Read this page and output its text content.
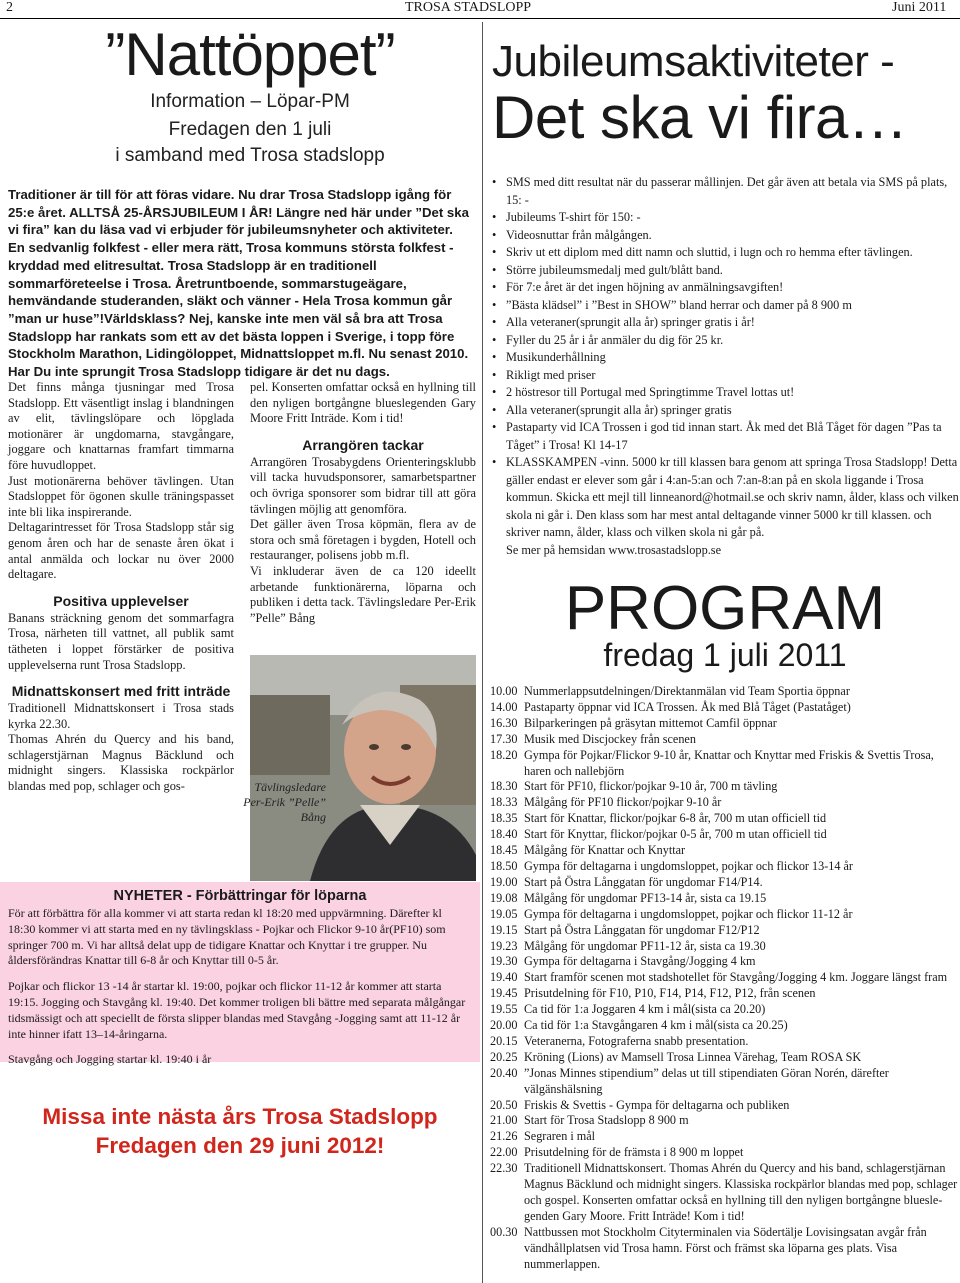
2	TROSA STADSLOPP	Juni 2011
”Nattöppet”
Information – Löpar-PM
Fredagen den 1 juli
i samband med Trosa stadslopp

Traditioner är till för att föras vidare. Nu drar Trosa Stadslopp igång för 25:e året. ALLTSÅ 25-ÅRSJUBILEUM I ÅR! Längre ned här under ”Det ska vi fira” kan du läsa vad vi erbjuder för jubileumsnyheter och aktiviteter.

En sedvanlig folkfest - eller mera rätt, Trosa kommuns största folkfest - kryddad med elitresultat. Trosa Stadslopp är en traditionell sommarföreteelse i Trosa. Åretruntboende, sommarstugeägare, hemvändande studeranden, släkt och vänner - Hela Trosa kommun går ”man ur huse”!Världsklass? Nej, kanske inte men väl så bra att Trosa Stadslopp har rankats som ett av det bästa loppen i Sverige, i topp före Stockholm Marathon, Lidingöloppet, Midnattsloppet m.fl. Nu senast 2010. Har Du inte sprungit Trosa Stadslopp tidigare är det nu dags.

Det finns många tjusningar med Trosa Stadslopp. Ett väsentligt inslag i blandningen av elit, tävlingslöpare och löpglada motionärer är ungdomarna, stavgångare, joggare och knattarnas framfart timmarna före huvudloppet.

Just motionärerna behöver tävlingen. Utan Stadsloppet för ögonen skulle träningspasset inte bli lika inspirerande.

Deltagarintresset för Trosa Stadslopp står sig genom åren och har de senaste åren ökat i antal anmälda och lockar nu över 2000 deltagare.

Positiva upplevelser

Banans sträckning genom det sommarfagra Trosa, närheten till vattnet, all publik samt tätheten i loppet förstärker de positiva upplevelserna runt Trosa Stadslopp.

Midnattskonsert med fritt inträde

Traditionell Midnattskonsert i Trosa stads kyrka 22.30.

Thomas Ahrén du Quercy and his band, schlagerstjärnan Magnus Bäcklund och midnight singers. Klassiska rockpärlor blandas med pop, schlager och gos-

pel. Konserten omfattar också en hyllning till den nyligen bortgångne blueslegenden Gary Moore Fritt Inträde. Kom i tid!

Arrangören tackar

Arrangören Trosabygdens Orienteringsklubb vill tacka huvudsponsorer, samarbetspartner och övriga sponsorer som bidrar till att göra tävlingen möjlig att genomföra.

Det gäller även Trosa köpmän, flera av de stora och små företagen i bygden, Hotell och restauranger, polisens jobb m.fl.

Vi inkluderar även de ca 120 ideellt arbetande funktionärerna, löparna och publiken i detta tack. Tävlingsledare Per-Erik ”Pelle” Bång

Tävlingsledare Per-Erik ”Pelle” Bång
NYHETER - Förbättringar för löparna

För att förbättra för alla kommer vi att starta redan kl 18:20 med uppvärmning. Därefter kl 18:30 kommer vi att starta med en ny tävlingsklass - Pojkar och Flickor 9-10 år(PF10) som springer 700 m. Vi har alltså delat upp de tidigare Knattar och Knyttar i tre grupper. Nu åldersförändras Knattar till 6-8 år och Knyttar till 0-5 år.

Pojkar och flickor 13 -14 år startar kl. 19:00, pojkar och flickor 11-12 år kommer att starta 19:15. Jogging och Stavgång kl. 19:40. Det kommer troligen bli bättre med separata målgångar tidsmässigt och att speciellt de första slipper blandas med Stavgång -Jogging samt att 11-12 år inte hinner ifatt 13–14-åringarna.

Stavgång och Jogging startar kl. 19:40 i år

Missa inte nästa års Trosa Stadslopp
Fredagen den 29 juni 2012!
Jubileumsaktiviteter -
Det ska vi fira…
• SMS med ditt resultat när du passerar mållinjen. Det går även att betala via SMS på plats, 15: -
• Jubileums T-shirt för 150: -
• Videosnuttar från målgången.
• Skriv ut ett diplom med ditt namn och sluttid, i lugn och ro hemma efter tävlingen.
• Större jubileumsmedalj med gult/blått band.
• För 7:e året är det ingen höjning av anmälningsavgiften!
• ”Bästa klädsel” i ”Best in SHOW” bland herrar och damer på 8 900 m
• Alla veteraner(sprungit alla år) springer gratis i år!
• Fyller du 25 år i år anmäler du dig för 25 kr.
• Musikunderhållning
• Rikligt med priser
• 2 höstresor till Portugal med Springtimme Travel lottas ut!
• Alla veteraner(sprungit alla år) springer gratis
• Pastaparty vid ICA Trossen i god tid innan start. Åk med det Blå Tåget för dagen ”Pas ta Tåget” i Trosa! Kl 14-17
• KLASSKAMPEN -vinn. 5000 kr till klassen bara genom att springa Trosa Stadslopp! Detta gäller endast er elever som går i 4:an-5:an och 7:an-8:an på en skola liggande i Trosa kommun. Skicka ett mejl till linneanord@hotmail.se och skriv namn, ålder, klass och vilken skola ni går i. Den klass som har mest antal deltagande vinner 5000 kr till klassen. och skriver namn, ålder, klass och vilken skola ni går på.
Se mer på hemsidan www.trosastadslopp.se
PROGRAM
fredag 1 juli 2011
10.00 Nummerlappsutdelningen/Direktanmälan vid Team Sportia öppnar
14.00 Pastaparty öppnar vid ICA Trossen. Åk med Blå Tåget (Pastatåget)
16.30 Bilparkeringen på gräsytan mittemot Camfil öppnar
17.30 Musik med Discjockey från scenen
18.20 Gympa för Pojkar/Flickor 9-10 år, Knattar och Knyttar med Friskis & Svettis Trosa, haren och nallebjörn
18.30 Start för PF10, flickor/pojkar 9-10 år, 700 m tävling
18.33 Målgång för PF10 flickor/pojkar 9-10 år
18.35 Start för Knattar, flickor/pojkar 6-8 år, 700 m utan officiell tid
18.40 Start för Knyttar, flickor/pojkar 0-5 år, 700 m utan officiell tid
18.45 Målgång för Knattar och Knyttar
18.50 Gympa för deltagarna i ungdomsloppet, pojkar och flickor 13-14 år
19.00 Start på Östra Långgatan för ungdomar F14/P14.
19.08 Målgång för ungdomar PF13-14 år, sista ca 19.15
19.05 Gympa för deltagarna i ungdomsloppet, pojkar och flickor 11-12 år
19.15 Start på Östra Långgatan för ungdomar F12/P12
19.23 Målgång för ungdomar PF11-12 år, sista ca 19.30
19.30 Gympa för deltagarna i Stavgång/Jogging 4 km
19.40 Start framför scenen mot stadshotellet för Stavgång/Jogging 4 km. Joggare längst fram
19.45 Prisutdelning för F10, P10, F14, P14, F12, P12, från scenen
19.55 Ca tid för 1:a Joggaren 4 km i mål(sista ca 20.20)
20.00 Ca tid för 1:a Stavgångaren 4 km i mål(sista ca 20.25)
20.15 Veteranerna, Fotograferna snabb presentation.
20.25 Kröning (Lions) av Mamsell Trosa Linnea Värehag, Team ROSA SK
20.40 ”Jonas Minnes stipendium” delas ut till stipendiaten Göran Norén, därefter välgänshälsning
20.50 Friskis & Svettis - Gympa för deltagarna och publiken
21.00 Start för Trosa Stadslopp 8 900 m
21.26 Segraren i mål
22.00 Prisutdelning för de främsta i 8 900 m loppet
22.30 Traditionell Midnattskonsert. Thomas Ahrén du Quercy and his band, schlagerstjärnan Magnus Bäcklund och midnight singers. Klassiska rockpärlor blandas med pop, schlager och gospel. Konserten omfattar också en hyllning till den nyligen bortgångne blueslegenden Gary Moore. Fritt Inträde! Kom i tid!
00.30 Nattbussen mot Stockholm Cityterminalen via Södertälje Lovisingsatan avgår från vändhållplatsen vid Trosa hamn. Först och främst ska löparna ges plats. Visa nummerlappen.
